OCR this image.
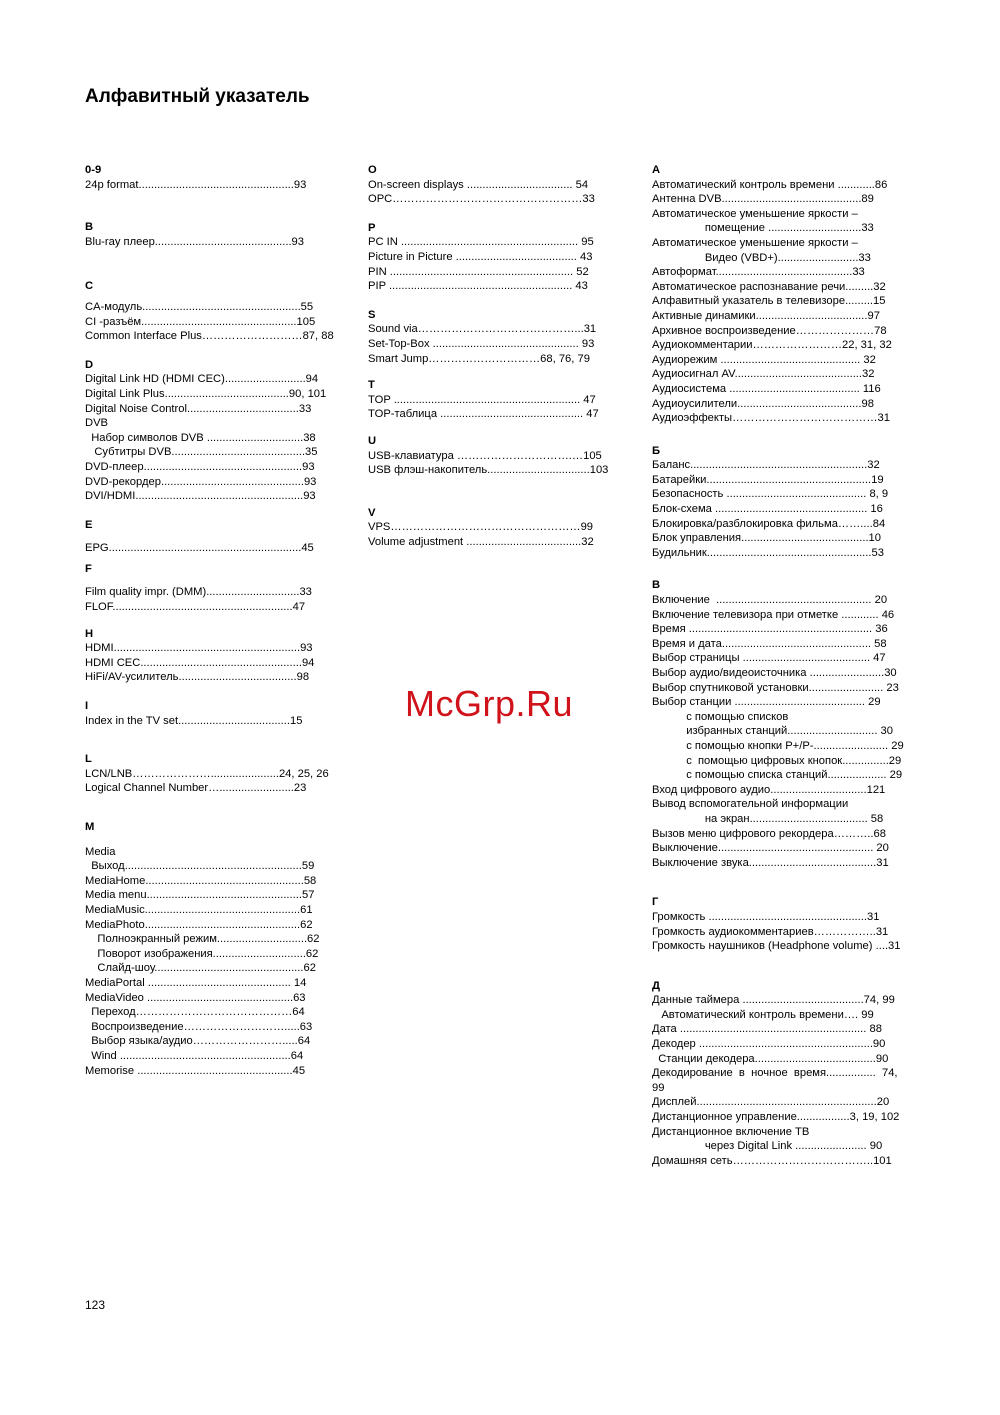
Алфавитный указатель
0-9
24p format..................................................93
B
Blu-ray плеер............................................93
C
CA-модуль...................................................55
CI -разъём..................................................105
Common Interface Plus………………………87, 88
D
Digital Link HD (HDMI CEC)..........................94
Digital Link Plus........................................90, 101
Digital Noise Control....................................33
DVB
Набор символов DVB ...............................38
Субтитры DVB...........................................35
DVD-плеер...................................................93
DVD-рекордер..............................................93
DVI/HDMI......................................................93
E
EPG..............................................................45
F
Film quality impr. (DMM)..............................33
FLOF..........................................................47
H
HDMI............................................................93
HDMI CEC....................................................94
HiFi/AV-усилитель......................................98
I
Index in the TV set....................................15
L
LCN/LNB…………………......................24, 25, 26
Logical Channel Number…........................23
M
Media
Выход.........................................................59
MediaHome...................................................58
Media menu..................................................57
MediaMusic..................................................61
MediaPhoto..................................................62
Полноэкранный режим.............................62
Поворот изображения..............................62
Слайд-шоу................................................62
MediaPortal .............................................. 14
MediaVideo ...............................................63
Переход……………………………………64
Воспроизведение……………………….....63
Выбор языка/аудио…………………….....64
Wind .......................................................64
Memorise ..................................................45
O
On-screen displays .................................. 54
OPC……………………………………………33
P
PC IN ......................................................... 95
Picture in Picture ....................................... 43
PIN ........................................................... 52
PIP ........................................................... 43
S
Sound via……………………………………...31
Set-Top-Box ............................................... 93
Smart Jump…………………………68, 76, 79
T
TOP ............................................................ 47
TOP-таблица .............................................. 47
U
USB-клавиатура ………………………….…105
USB флэш-накопитель.................................103
V
VPS……………………………………………99
Volume adjustment .....................................32
А
Автоматический контроль времени ............86
Антенна DVB.............................................89
Автоматическое уменьшение яркости –
помещение ..............................33
Автоматическое уменьшение яркости –
Видео (VBD+)..........................33
Автоформат............................................33
Автоматическое распознавание речи.........32
Алфавитный указатель в телевизоре.........15
Активные динамики....................................97
Архивное воспроизведение…………………78
Аудиокомментарии……………………22, 31, 32
Аудиорежим ............................................. 32
Аудиосигнал AV.........................................32
Аудиосистема .......................................... 116
Аудиоусилители........................................98
Аудиоэффекты…………………………………31
Б
Баланс.........................................................32
Батарейки.....................................................19
Безопасность ............................................. 8, 9
Блок-схема ................................................. 16
Блокировка/разблокировка фильма……....84
Блок управления.........................................10
Будильник.....................................................53
В
Включение  .................................................. 20
Включение телевизора при отметке ............ 46
Время ........................................................... 36
Время и дата................................................ 58
Выбор страницы ......................................... 47
Выбор аудио/видеоисточника ........................30
Выбор спутниковой установки........................ 23
Выбор станции .......................................... 29
с помощью списков
избранных станций............................. 30
с помощью кнопки Р+/Р-........................ 29
с  помощью цифровых кнопок...............29
с помощью списка станций................... 29
Вход цифрового аудио...............................121
Вывод вспомогательной информации
на экран...................................... 58
Вызов меню цифрового рекордера………..68
Выключение.................................................. 20
Выключение звука.........................................31
Г
Громкость ...................................................31
Громкость аудиокомментариев……………..31
Громкость наушников (Headphone volume) ....31
Д
Данные таймера .......................................74, 99
Автоматический контроль времени…. 99
Дата ............................................................ 88
Декодер ........................................................90
Станции декодера.......................................90
Декодирование  в  ночное  время................  74,
99
Дисплей..........................................................20
Дистанционное управление.................3, 19, 102
Дистанционное включение ТВ
через Digital Link ....................... 90
Домашняя сеть………………………………..101
McGrp.Ru
123
